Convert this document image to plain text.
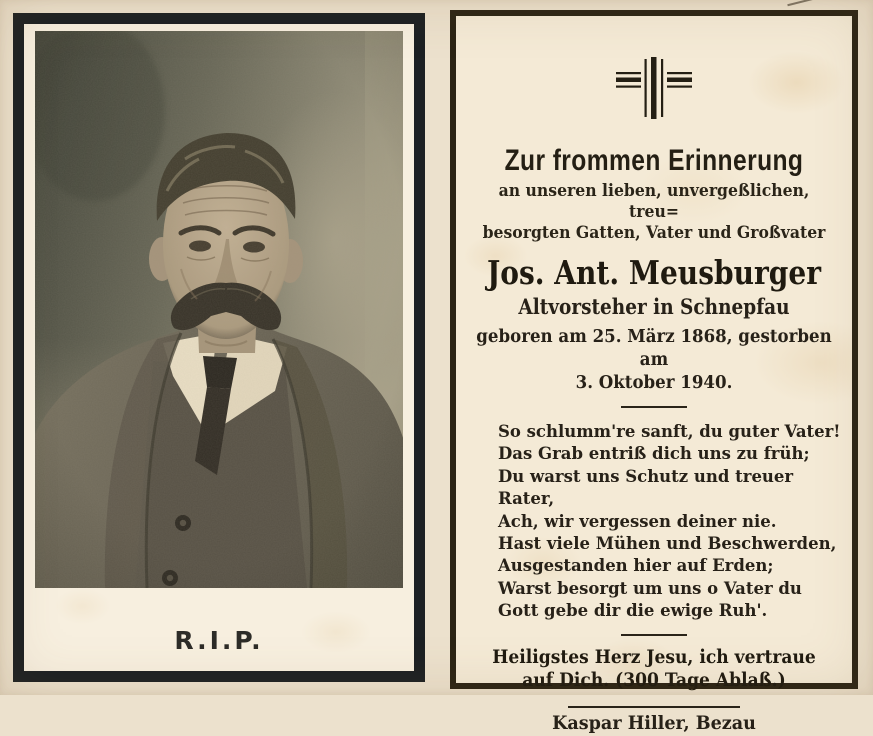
R.I.P.
Zur frommen Erinnerung
an unseren lieben, unvergeßlichen, treu=
besorgten Gatten, Vater und Großvater
Jos. Ant. Meusburger
Altvorsteher in Schnepfau
geboren am 25. März 1868, gestorben am
3. Oktober 1940.
So schlumm're sanft, du guter Vater!
Das Grab entriß dich uns zu früh;
Du warst uns Schutz und treuer Rater,
Ach, wir vergessen deiner nie.
Hast viele Mühen und Beschwerden,
Ausgestanden hier auf Erden;
Warst besorgt um uns o Vater du
Gott gebe dir die ewige Ruh'.
Heiligstes Herz Jesu, ich vertraue
auf Dich. (300 Tage Ablaß.)
Kaspar Hiller, Bezau
